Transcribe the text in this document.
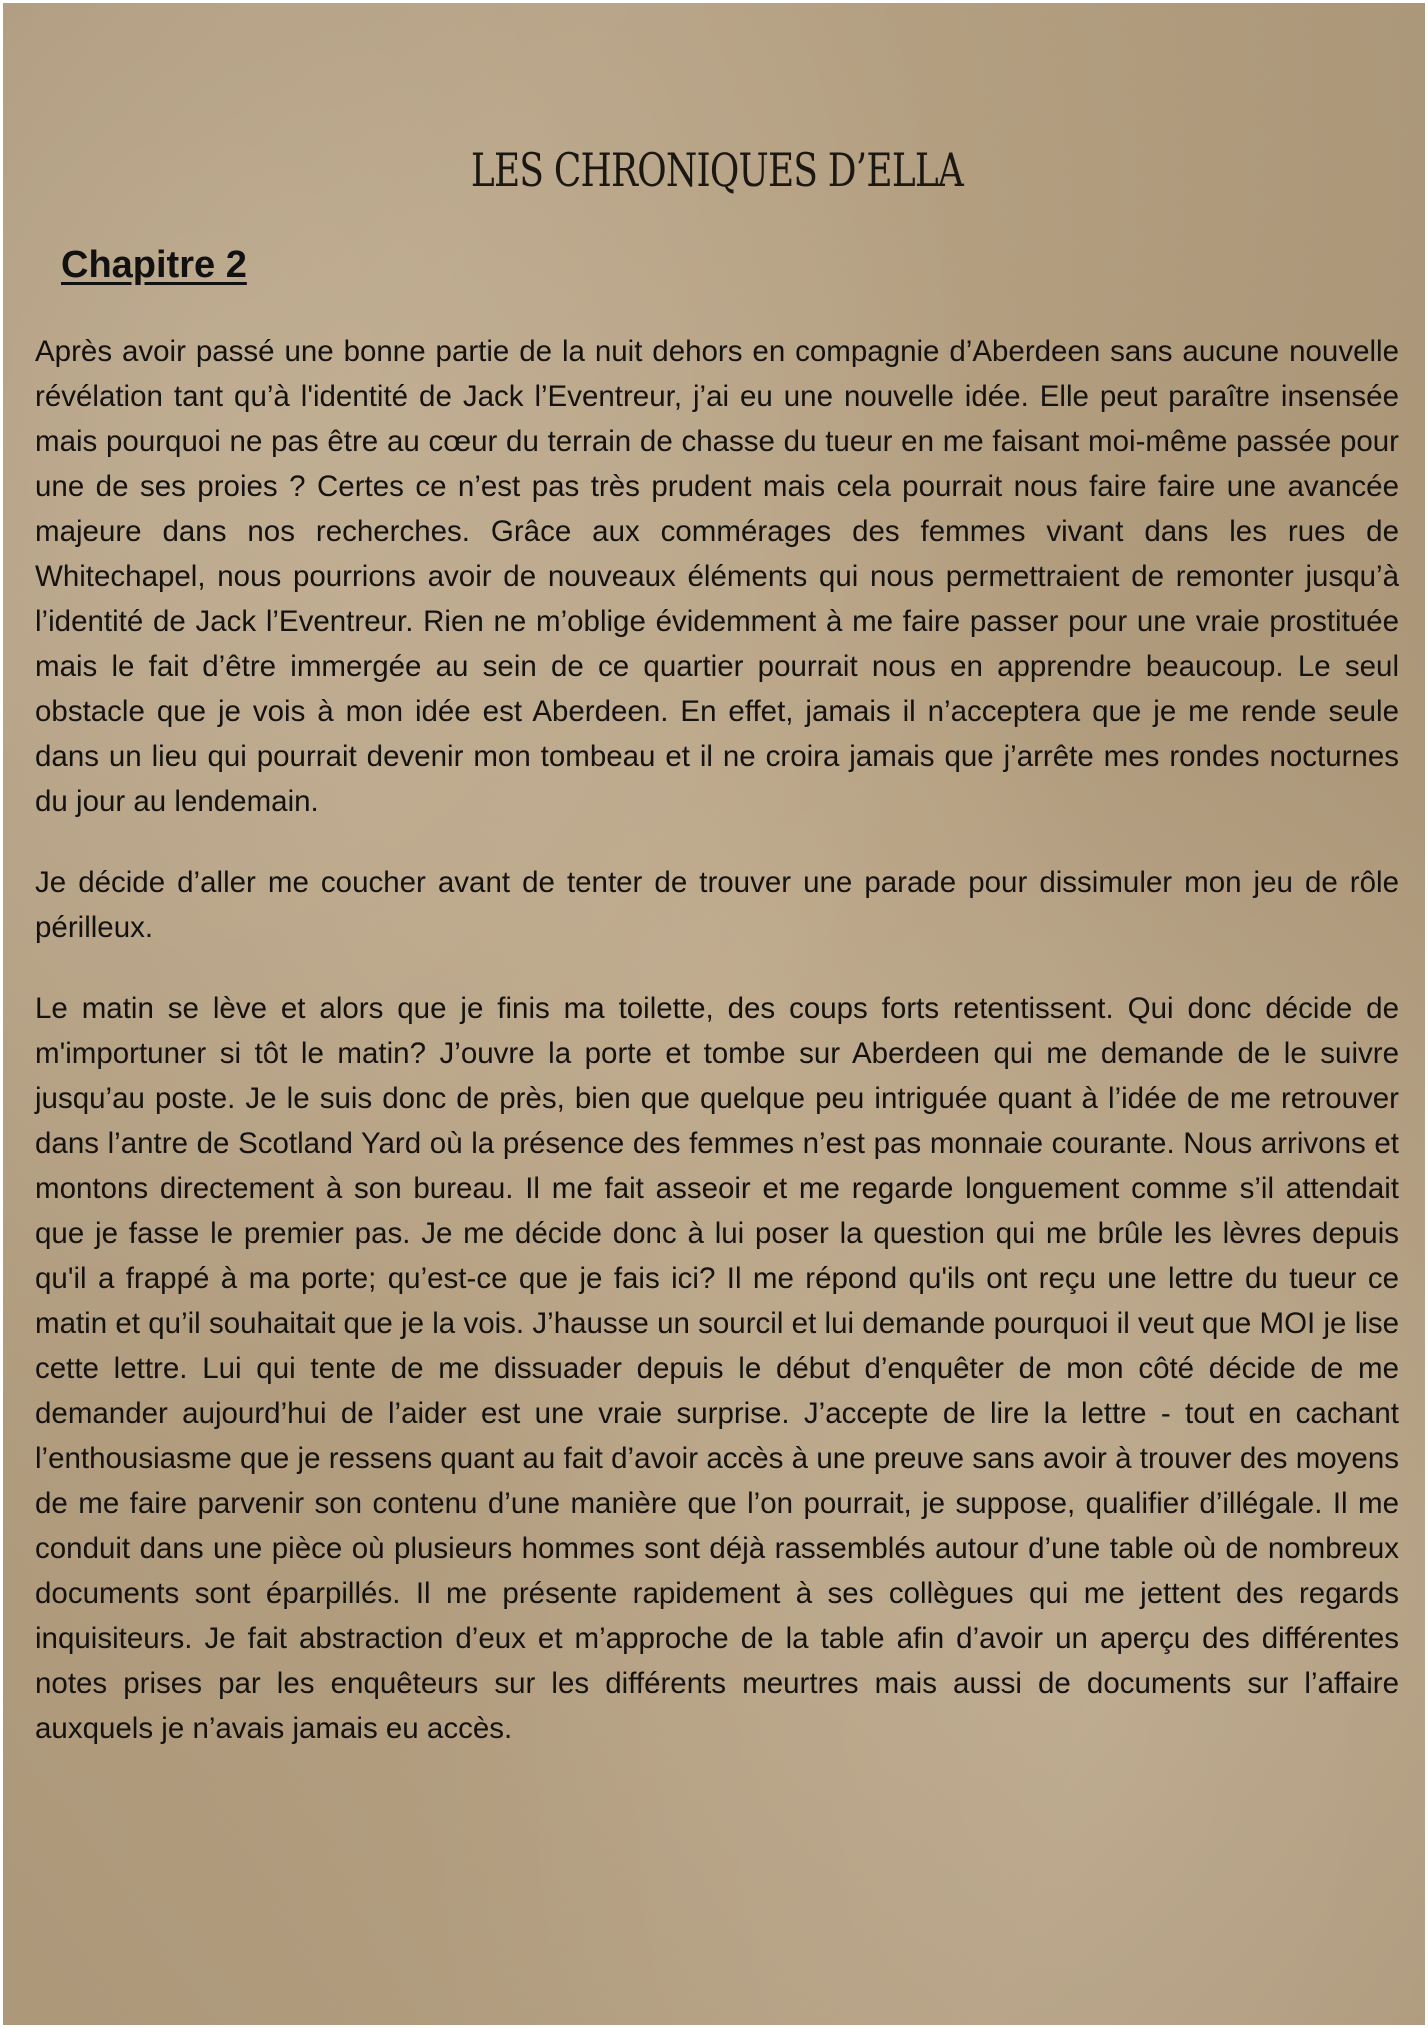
LES CHRONIQUES D’ELLA
Chapitre 2

Après avoir passé une bonne partie de la nuit dehors en compagnie d’Aberdeen sans aucune nouvelle révélation tant qu’à l'identité de Jack l’Eventreur, j’ai eu une nouvelle idée. Elle peut paraître insensée mais pourquoi ne pas être au cœur du terrain de chasse du tueur en me faisant moi-même passée pour une de ses proies ? Certes ce n’est pas très prudent mais cela pourrait nous faire faire une avancée majeure dans nos recherches. Grâce aux commérages des femmes vivant dans les rues de Whitechapel, nous pourrions avoir de nouveaux éléments qui nous permettraient de remonter jusqu’à l’identité de Jack l’Eventreur. Rien ne m’oblige évidemment à me faire passer pour une vraie prostituée mais le fait d’être immergée au sein de ce quartier pourrait nous en apprendre beaucoup. Le seul obstacle que je vois à mon idée est Aberdeen. En effet, jamais il n’acceptera que je me rende seule dans un lieu qui pourrait devenir mon tombeau et il ne croira jamais que j’arrête mes rondes nocturnes du jour au lendemain.

Je décide d’aller me coucher avant de tenter de trouver une parade pour dissimuler mon jeu de rôle périlleux.

Le matin se lève et alors que je finis ma toilette, des coups forts retentissent. Qui donc décide de m'importuner si tôt le matin? J’ouvre la porte et tombe sur Aberdeen qui me demande de le suivre jusqu’au poste. Je le suis donc de près, bien que quelque peu intriguée quant à l’idée de me retrouver dans l’antre de Scotland Yard où la présence des femmes n’est pas monnaie courante. Nous arrivons et montons directement à son bureau. Il me fait asseoir et me regarde longuement comme s’il attendait que je fasse le premier pas. Je me décide donc à lui poser la question qui me brûle les lèvres depuis qu'il a frappé à ma porte; qu’est-ce que je fais ici? Il me répond qu'ils ont reçu une lettre du tueur ce matin et qu’il souhaitait que je la vois. J’hausse un sourcil et lui demande pourquoi il veut que MOI je lise cette lettre. Lui qui tente de me dissuader depuis le début d’enquêter de mon côté décide de me demander aujourd’hui de l’aider est une vraie surprise. J’accepte de lire la lettre - tout en cachant l’enthousiasme que je ressens quant au fait d’avoir accès à une preuve sans avoir à trouver des moyens de me faire parvenir son contenu d’une manière que l’on pourrait, je suppose, qualifier d’illégale. Il me conduit dans une pièce où plusieurs hommes sont déjà rassemblés autour d’une table où de nombreux documents sont éparpillés. Il me présente rapidement à ses collègues qui me jettent des regards inquisiteurs. Je fait abstraction d’eux et m’approche de la table afin d’avoir un aperçu des différentes notes prises par les enquêteurs sur les différents meurtres mais aussi de documents sur l’affaire auxquels je n’avais jamais eu accès.
